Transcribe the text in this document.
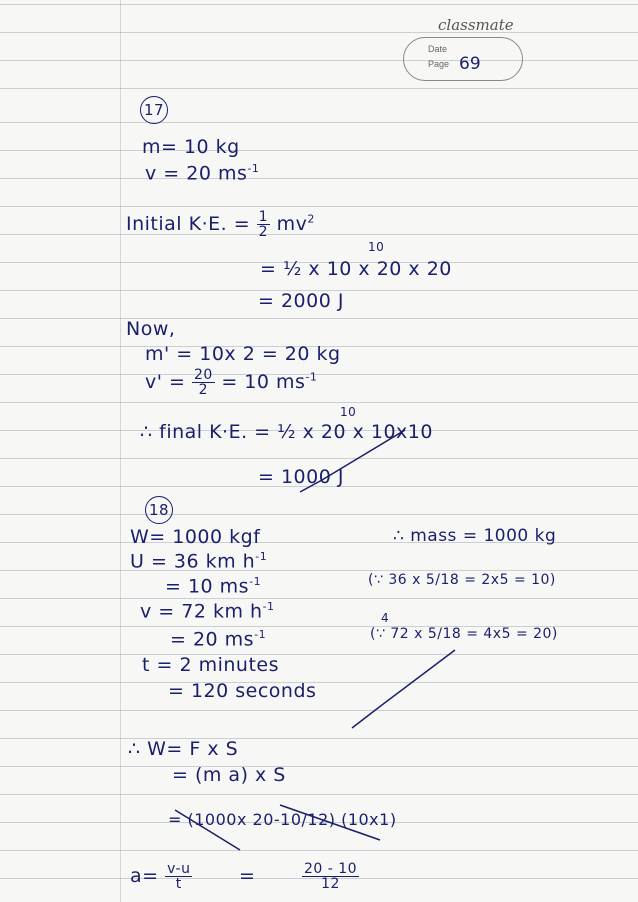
classmate
Date
Page 69
17
m= 10 kg
v = 20 $ms^{-1}$
Initial K·E. = $\frac{1}{2} mv^2$
10
= ½ x 10 x 20 x 20
= 2000 J
Now,
m' = 10x 2 = 20 kg
$v' = \frac{20}{2} = 10$ $ms^{-1}$
10
∴ final K·E. = ½ x 20 x 10x10
= 1000 J
18
W= 1000 kgf	∴ mass = 1000 kg
U = 36 km $h^{-1}$
= 10 $ms^{-1}$	(∵ 36 x 5/18 = 2x5 = 10)
v = 72 km $h^{-1}$
4
= 20 $ms^{-1}$	(∵ 72 x 5/18 = 4x5 = 20)
t = 2 minutes
= 120 seconds
∴ W= F x S
= (m a) x S
= (1000x 20-10/12) (10x1)
$a= \frac{v-u}{t}$ =	$\frac{20 - 10}{12}$
